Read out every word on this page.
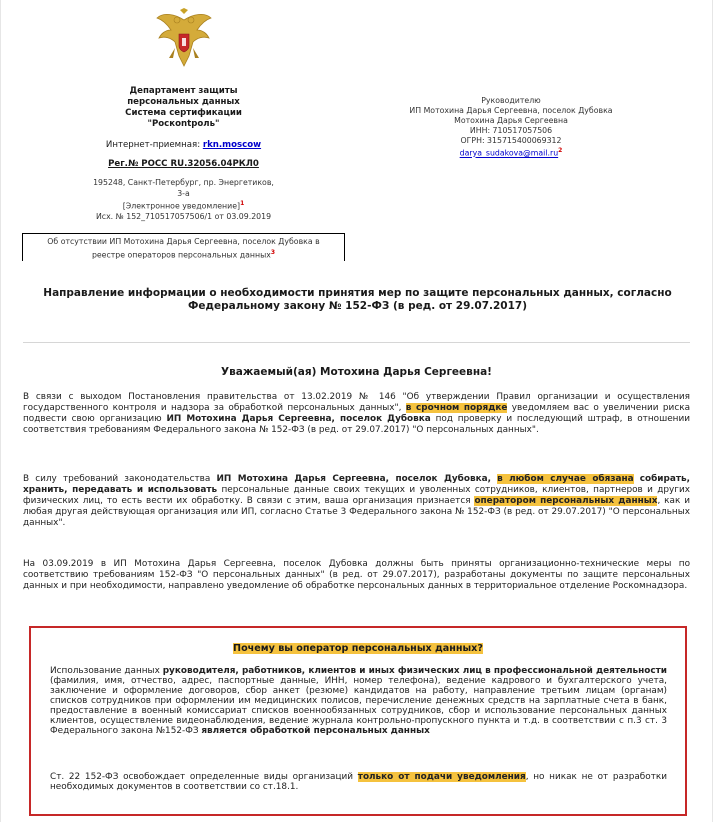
Департамент защиты
персональных данных
Система сертификации
"Роскontроль"
Интернет-приемная: rkn.moscow
Рег.№ РОСС RU.32056.04РКЛ0
195248, Санкт-Петербург, пр. Энергетиков, 3-а
[Электронное уведомление]$^1$
Исх. № 152_710517057506/1 от 03.09.2019
Руководителю
ИП Мотохина Дарья Сергеевна, поселок Дубовка
Мотохина Дарья Сергеевна
ИНН: 710517057506
ОГРН: 315715400069312
$darya\_sudakova@mail.ru^2$
Об отсутствии ИП Мотохина Дарья Сергеевна, поселок Дубовка в
реестре операторов персональных данных$^3$
Направление информации о необходимости принятия мер по защите персональных данных, согласно
Федеральному закону № 152-ФЗ (в ред. от 29.07.2017)
Уважаемый(ая) Мотохина Дарья Сергеевна!
В связи с выходом Постановления правительства от 13.02.2019 № 146 "Об утверждении Правил организации и осуществления государственного контроля и надзора за обработкой персональных данных", в срочном порядке уведомляем вас о увеличении риска подвести свою организацию ИП Мотохина Дарья Сергеевна, поселок Дубовка под проверку и последующий штраф, в отношении соответствия требованиям Федерального закона № 152-ФЗ (в ред. от 29.07.2017) "О персональных данных".
В силу требований законодательства ИП Мотохина Дарья Сергеевна, поселок Дубовка, в любом случае обязана собирать, хранить, передавать и использовать персональные данные своих текущих и уволенных сотрудников, клиентов, партнеров и других физических лиц, то есть вести их обработку. В связи с этим, ваша организация признается оператором персональных данных, как и любая другая действующая организация или ИП, согласно Статье 3 Федерального закона № 152-ФЗ (в ред. от 29.07.2017) "О персональных данных".
На 03.09.2019 в ИП Мотохина Дарья Сергеевна, поселок Дубовка должны быть приняты организационно-технические меры по соответствию требованиям 152-ФЗ "О персональных данных" (в ред. от 29.07.2017), разработаны документы по защите персональных данных и при необходимости, направлено уведомление об обработке персональных данных в территориальное отделение Роскомнадзора.
Почему вы оператор персональных данных?
Использование данных руководителя, работников, клиентов и иных физических лиц в профессиональной деятельности (фамилия, имя, отчество, адрес, паспортные данные, ИНН, номер телефона), ведение кадрового и бухгалтерского учета, заключение и оформление договоров, сбор анкет (резюме) кандидатов на работу, направление третьим лицам (органам) списков сотрудников при оформлении им медицинских полисов, перечисление денежных средств на зарплатные счета в банк, предоставление в военный комиссариат списков военнообязанных сотрудников, сбор и использование персональных данных клиентов, осуществление видеонаблюдения, ведение журнала контрольно-пропускного пункта и т.д. в соответствии с п.3 ст. 3 Федерального закона №152-ФЗ является обработкой персональных данных
Ст. 22 152-ФЗ освобождает определенные виды организаций только от подачи уведомления, но никак не от разработки необходимых документов в соответствии со ст.18.1.
